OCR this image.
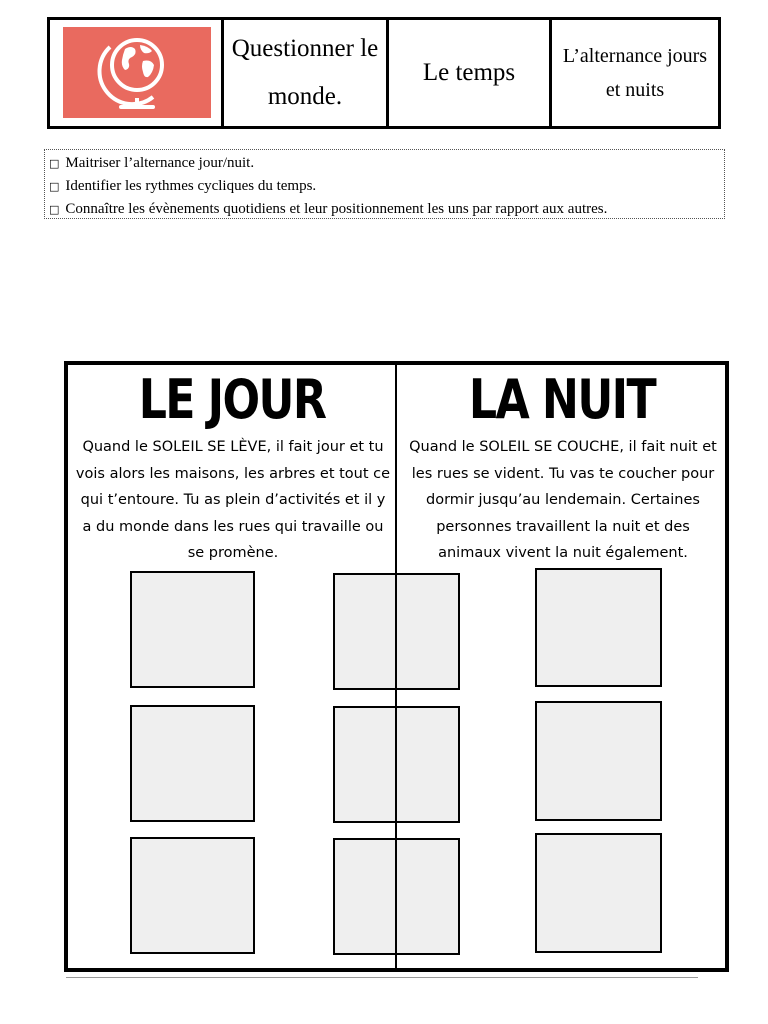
Questionner le monde.
Le temps
L’alternance jours et nuits
□ Maitriser l’alternance jour/nuit.
□ Identifier les rythmes cycliques du temps.
□ Connaître les évènements quotidiens et leur positionnement les uns par rapport aux autres.
LE JOUR
Quand le SOLEIL SE LÈVE, il fait jour et tu vois alors les maisons, les arbres et tout ce qui t’entoure. Tu as plein d’activités et il y a du monde dans les rues qui travaille ou se promène.
LA NUIT
Quand le SOLEIL SE COUCHE, il fait nuit et les rues se vident. Tu vas te coucher pour dormir jusqu’au lendemain. Certaines personnes travaillent la nuit et des animaux vivent la nuit également.
